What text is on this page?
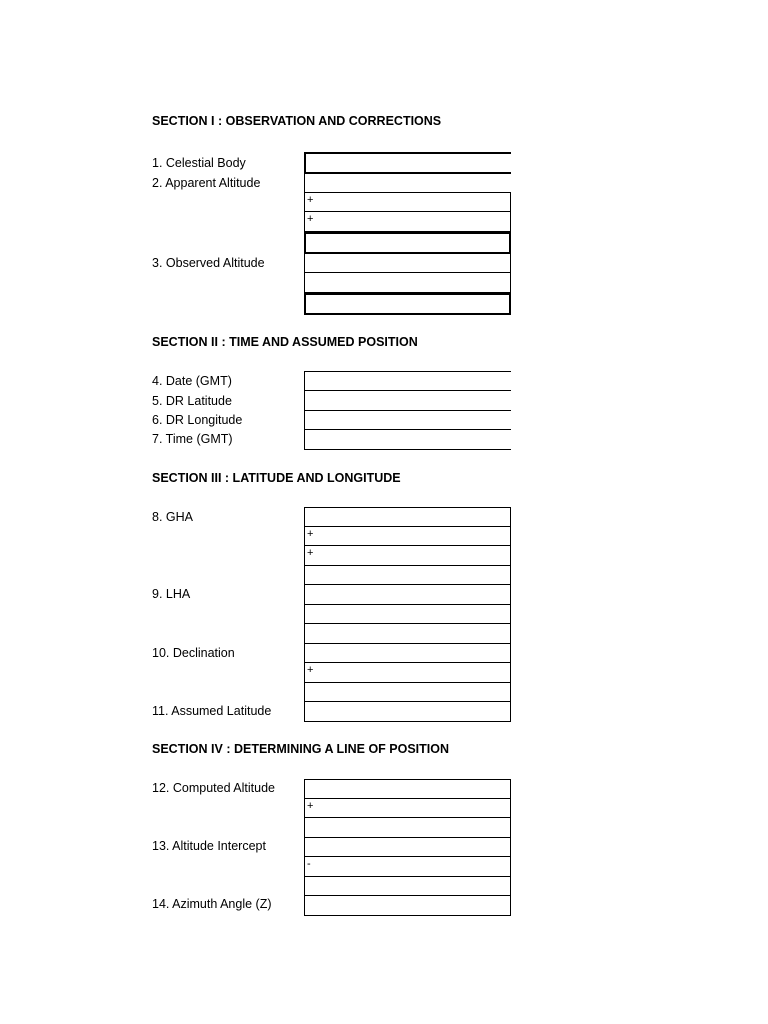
SECTION I : OBSERVATION AND CORRECTIONS
1. Celestial Body
2. Apparent Altitude
3. Observed Altitude
+
+
SECTION II : TIME AND ASSUMED POSITION
4. Date (GMT)
5. DR Latitude
6. DR Longitude
7. Time (GMT)
SECTION III : LATITUDE AND LONGITUDE
8. GHA
9. LHA
10. Declination
11. Assumed Latitude
+
+
+
SECTION IV : DETERMINING A LINE OF POSITION
12. Computed Altitude
13. Altitude Intercept
14. Azimuth Angle (Z)
+
-
